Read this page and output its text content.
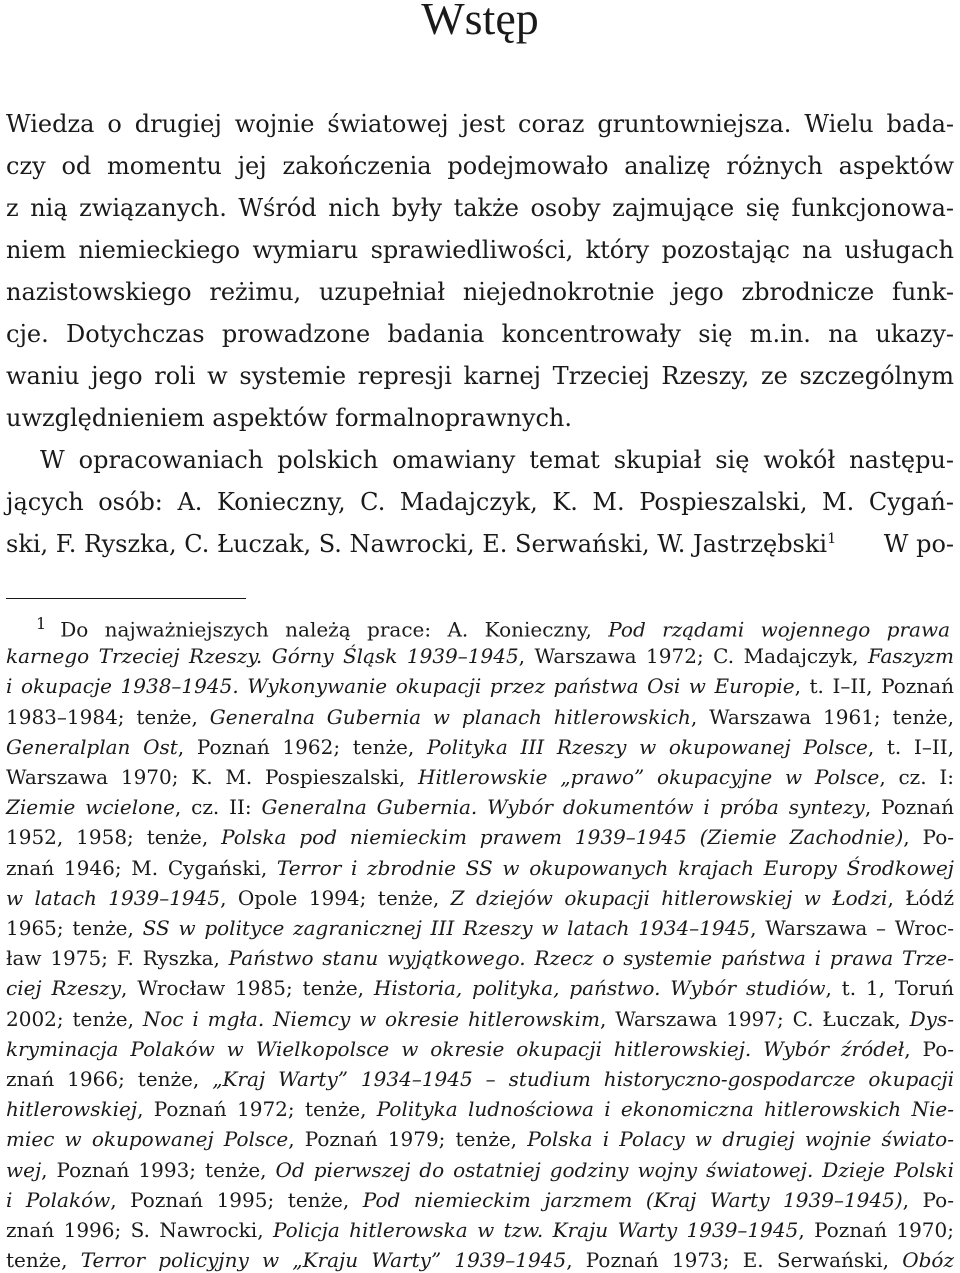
Wstęp
Wiedza o drugiej wojnie światowej jest coraz gruntowniejsza. Wielu bada-
czy od momentu jej zakończenia podejmowało analizę różnych aspektów
z nią związanych. Wśród nich były także osoby zajmujące się funkcjonowa-
niem niemieckiego wymiaru sprawiedliwości, który pozostając na usługach
nazistowskiego reżimu, uzupełniał niejednokrotnie jego zbrodnicze funk-
cje. Dotychczas prowadzone badania koncentrowały się m.in. na ukazy-
waniu jego roli w systemie represji karnej Trzeciej Rzeszy, ze szczególnym
uwzględnieniem aspektów formalnoprawnych.
W opracowaniach polskich omawiany temat skupiał się wokół następu-
jących osób: A. Konieczny, C. Madajczyk, K. M. Pospieszalski, M. Cygań-
ski, F. Ryszka, C. Łuczak, S. Nawrocki, E. Serwański, W. Jastrzębski$^1$ W po-
$^1$ Do najważniejszych należą prace: A. Konieczny, Pod rządami wojennego prawa
karnego Trzeciej Rzeszy. Górny Śląsk 1939–1945, Warszawa 1972; C. Madajczyk, Faszyzm
i okupacje 1938–1945. Wykonywanie okupacji przez państwa Osi w Europie, t. I–II, Poznań
1983–1984; tenże, Generalna Gubernia w planach hitlerowskich, Warszawa 1961; tenże,
Generalplan Ost, Poznań 1962; tenże, Polityka III Rzeszy w okupowanej Polsce, t. I–II,
Warszawa 1970; K. M. Pospieszalski, Hitlerowskie „prawo” okupacyjne w Polsce, cz. I:
Ziemie wcielone, cz. II: Generalna Gubernia. Wybór dokumentów i próba syntezy, Poznań
1952, 1958; tenże, Polska pod niemieckim prawem 1939–1945 (Ziemie Zachodnie), Po-
znań 1946; M. Cygański, Terror i zbrodnie SS w okupowanych krajach Europy Środkowej
w latach 1939–1945, Opole 1994; tenże, Z dziejów okupacji hitlerowskiej w Łodzi, Łódź
1965; tenże, SS w polityce zagranicznej III Rzeszy w latach 1934–1945, Warszawa – Wroc-
ław 1975; F. Ryszka, Państwo stanu wyjątkowego. Rzecz o systemie państwa i prawa Trze-
ciej Rzeszy, Wrocław 1985; tenże, Historia, polityka, państwo. Wybór studiów, t. 1, Toruń
2002; tenże, Noc i mgła. Niemcy w okresie hitlerowskim, Warszawa 1997; C. Łuczak, Dys-
kryminacja Polaków w Wielkopolsce w okresie okupacji hitlerowskiej. Wybór źródeł, Po-
znań 1966; tenże, „Kraj Warty” 1934–1945 – studium historyczno-gospodarcze okupacji
hitlerowskiej, Poznań 1972; tenże, Polityka ludnościowa i ekonomiczna hitlerowskich Nie-
miec w okupowanej Polsce, Poznań 1979; tenże, Polska i Polacy w drugiej wojnie świato-
wej, Poznań 1993; tenże, Od pierwszej do ostatniej godziny wojny światowej. Dzieje Polski
i Polaków, Poznań 1995; tenże, Pod niemieckim jarzmem (Kraj Warty 1939–1945), Po-
znań 1996; S. Nawrocki, Policja hitlerowska w tzw. Kraju Warty 1939–1945, Poznań 1970;
tenże, Terror policyjny w „Kraju Warty” 1939–1945, Poznań 1973; E. Serwański, Obóz
